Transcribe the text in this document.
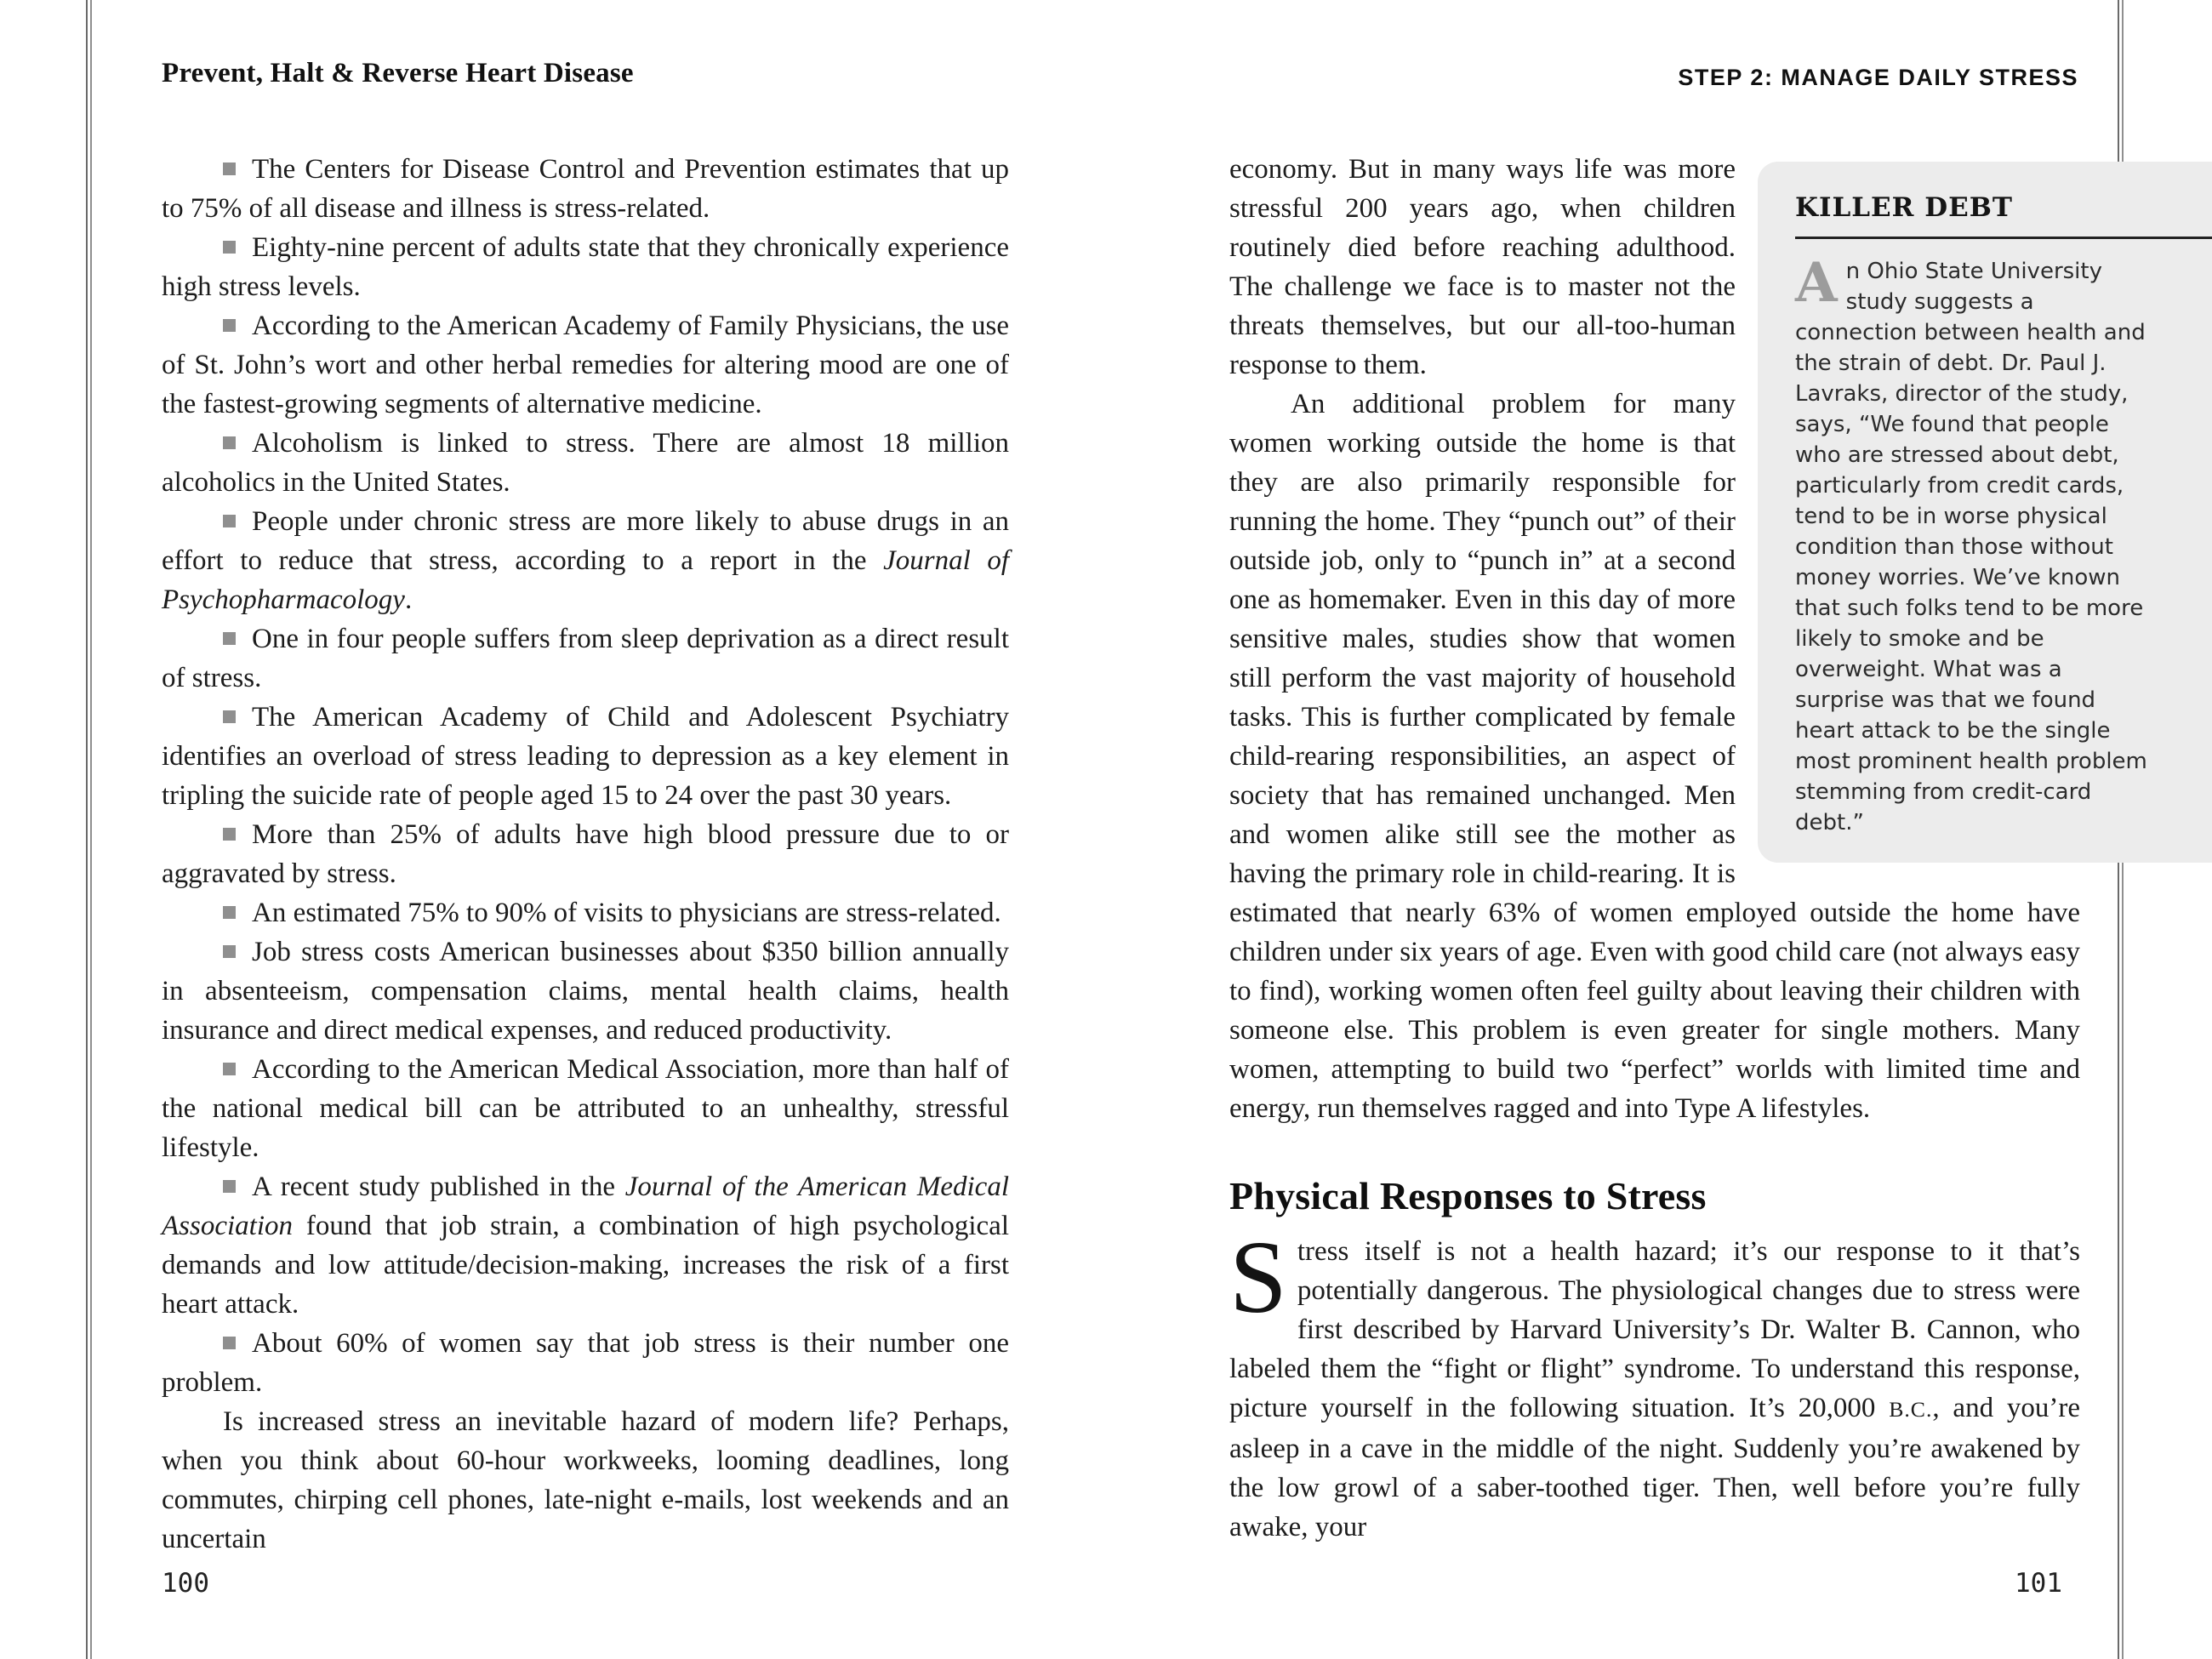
Prevent, Halt & Reverse Heart Disease	STEP 2: MANAGE DAILY STRESS

The Centers for Disease Control and Prevention estimates that up to 75% of all disease and illness is stress-related.

Eighty-nine percent of adults state that they chronically experience high stress levels.

According to the American Academy of Family Physicians, the use of St. John’s wort and other herbal remedies for altering mood are one of the fastest-growing segments of alternative medicine.

Alcoholism is linked to stress. There are almost 18 million alcoholics in the United States.

People under chronic stress are more likely to abuse drugs in an effort to reduce that stress, according to a report in the Journal of Psychopharmacology.

One in four people suffers from sleep deprivation as a direct result of stress.

The American Academy of Child and Adolescent Psychiatry identifies an overload of stress leading to depression as a key element in tripling the suicide rate of people aged 15 to 24 over the past 30 years.

More than 25% of adults have high blood pressure due to or aggravated by stress.

An estimated 75% to 90% of visits to physicians are stress-related.

Job stress costs American businesses about $350 billion annually in absenteeism, compensation claims, mental health claims, health insurance and direct medical expenses, and reduced productivity.

According to the American Medical Association, more than half of the national medical bill can be attributed to an unhealthy, stressful lifestyle.

A recent study published in the Journal of the American Medical Association found that job strain, a combination of high psychological demands and low attitude/decision-making, increases the risk of a first heart attack.

About 60% of women say that job stress is their number one problem.

Is increased stress an inevitable hazard of modern life? Perhaps, when you think about 60-hour workweeks, looming deadlines, long commutes, chirping cell phones, late-night e-mails, lost weekends and an uncertain

economy. But in many ways life was more stressful 200 years ago, when children routinely died before reaching adulthood. The challenge we face is to master not the threats themselves, but our all-too-human response to them.

An additional problem for many women working outside the home is that they are also primarily responsible for running the home. They “punch out” of their outside job, only to “punch in” at a second one as homemaker. Even in this day of more sensitive males, studies show that women still perform the vast majority of household tasks. This is further complicated by female child-rearing responsibilities, an aspect of society that has remained unchanged. Men and women alike still see the mother as having the primary role in child-rearing. It is estimated that nearly 63% of women employed outside the home have children under six years of age. Even with good child care (not always easy to find), working women often feel guilty about leaving their children with someone else. This problem is even greater for single mothers. Many women, attempting to build two “perfect” worlds with limited time and energy, run themselves ragged and into Type A lifestyles.

Physical Responses to Stress

Stress itself is not a health hazard; it’s our response to it that’s potentially dangerous. The physiological changes due to stress were first described by Harvard University’s Dr. Walter B. Cannon, who labeled them the “fight or flight” syndrome. To understand this response, picture yourself in the following situation. It’s 20,000 B.C., and you’re asleep in a cave in the middle of the night. Suddenly you’re awakened by the low growl of a saber-toothed tiger. Then, well before you’re fully awake, your

KILLER DEBT

An Ohio State University study suggests a connection between health and the strain of debt. Dr. Paul J. Lavraks, director of the study, says, “We found that people who are stressed about debt, particularly from credit cards, tend to be in worse physical condition than those without money worries. We’ve known that such folks tend to be more likely to smoke and be overweight. What was a surprise was that we found heart attack to be the single most prominent health problem stemming from credit-card debt.”

100	101
